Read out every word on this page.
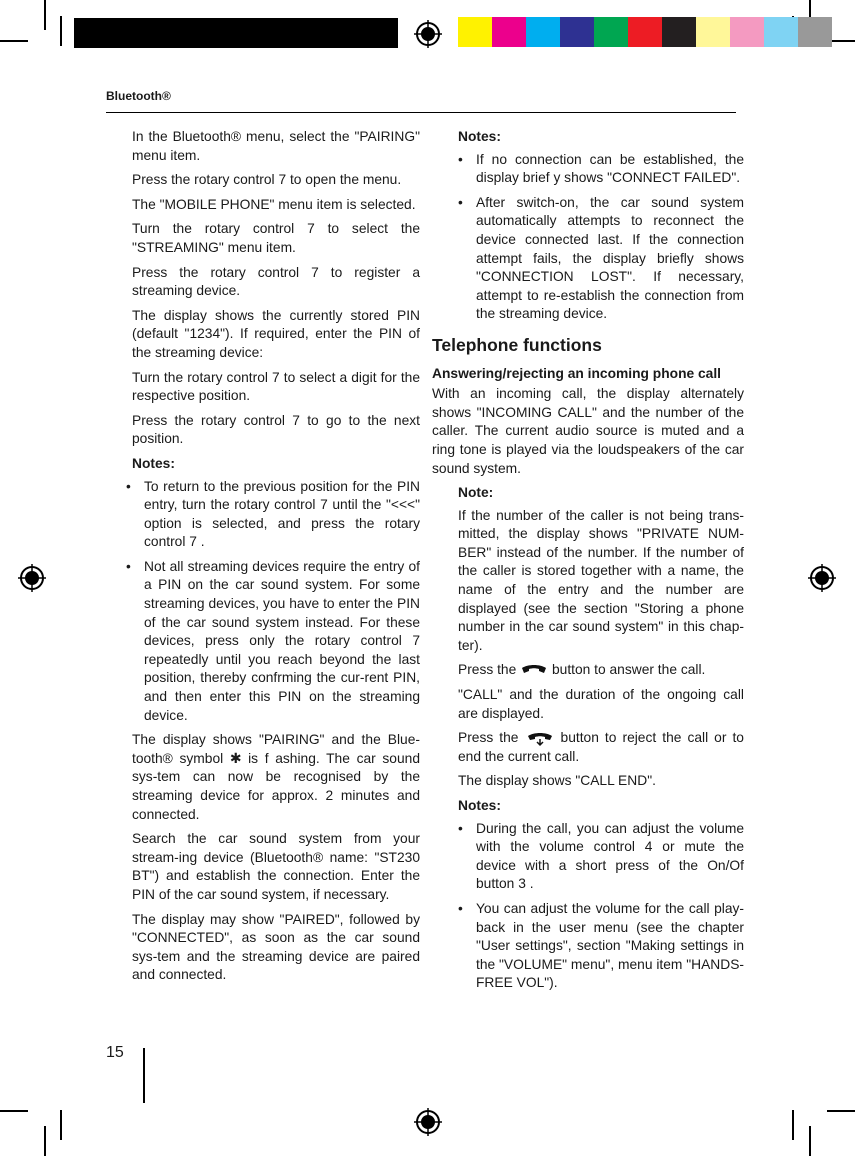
Bluetooth®

In the Bluetooth® menu, select the "PAIRING" menu item.

Press the rotary control 7 to open the menu.

The "MOBILE PHONE" menu item is selected.

Turn the rotary control 7 to select the "STREAMING" menu item.

Press the rotary control 7 to register a streaming device.

The display shows the currently stored PIN (default "1234"). If required, enter the PIN of the streaming device:

Turn the rotary control 7 to select a digit for the respective position.

Press the rotary control 7 to go to the next position.

Notes:

• To return to the previous position for the PIN entry, turn the rotary control 7 until the "<<<" option is selected, and press the rotary control 7 .
• Not all streaming devices require the entry of a PIN on the car sound system. For some streaming devices, you have to enter the PIN of the car sound system instead. For these devices, press only the rotary control 7 repeatedly until you reach beyond the last position, thereby confrming the cur-rent PIN, and then enter this PIN on the streaming device.

The display shows "PAIRING" and the Blue-tooth® symbol ✱ is f ashing. The car sound sys-tem can now be recognised by the streaming device for approx. 2 minutes and connected.

Search the car sound system from your stream-ing device (Bluetooth® name: "ST230 BT") and establish the connection. Enter the PIN of the car sound system, if necessary.

The display may show "PAIRED", followed by "CONNECTED", as soon as the car sound sys-tem and the streaming device are paired and connected.

Notes:

• If no connection can be established, the display brief y shows "CONNECT FAILED".
• After switch-on, the car sound system automatically attempts to reconnect the device connected last. If the connection attempt fails, the display briefly shows "CONNECTION LOST". If necessary, attempt to re-establish the connection from the streaming device.

Telephone functions

Answering/rejecting an incoming phone call

With an incoming call, the display alternately shows "INCOMING CALL" and the number of the caller. The current audio source is muted and a ring tone is played via the loudspeakers of the car sound system.

Note:

If the number of the caller is not being trans-mitted, the display shows "PRIVATE NUM-BER" instead of the number. If the number of the caller is stored together with a name, the name of the entry and the number are displayed (see the section "Storing a phone number in the car sound system" in this chap-ter).

Press the	button to answer the call.

"CALL" and the duration of the ongoing call are displayed.

Press the	button to reject the call or to end the current call.

The display shows "CALL END".

Notes:

• During the call, you can adjust the volume with the volume control 4 or mute the device with a short press of the On/Of button 3 .
• You can adjust the volume for the call play-back in the user menu (see the chapter "User settings", section "Making settings in the "VOLUME" menu", menu item "HANDS-FREE VOL").
15
